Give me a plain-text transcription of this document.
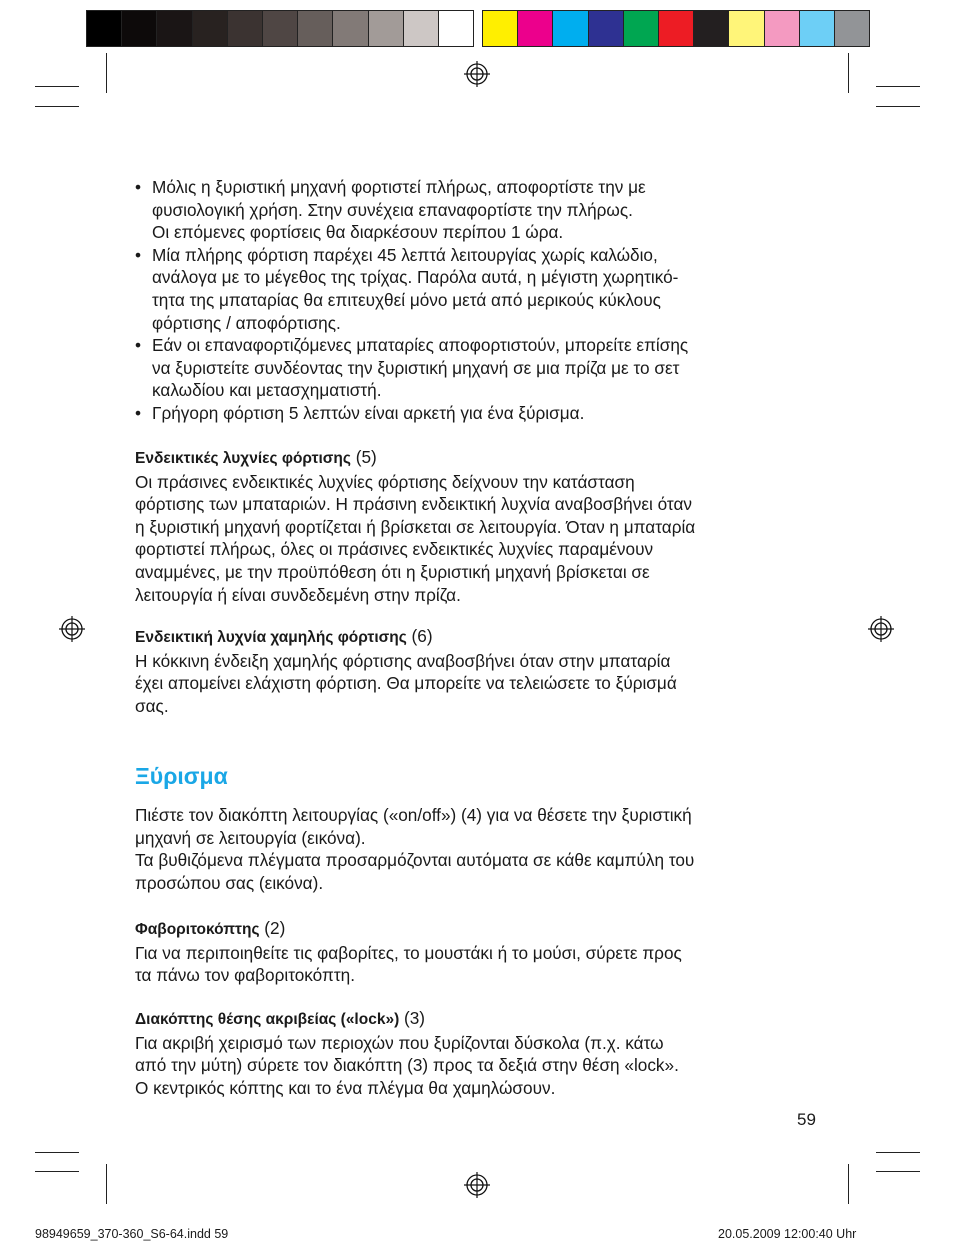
• Μόλις η ξυριστική μηχανή φορτιστεί πλήρως, αποφορτίστε την με
φυσιολογική χρήση. Στην συνέχεια επαναφορτίστε την πλήρως.
Οι επόμενες φορτίσεις θα διαρκέσουν περίπου 1 ώρα.
• Μία πλήρης φόρτιση παρέχει 45 λεπτά λειτουργίας χωρίς καλώδιο,
ανάλογα με το μέγεθος της τρίχας. Παρόλα αυτά, η μέγιστη χωρητικό-
τητα της μπαταρίας θα επιτευχθεί μόνο μετά από μερικούς κύκλους
φόρτισης / αποφόρτισης.
• Εάν οι επαναφορτιζόμενες μπαταρίες αποφορτιστούν, μπορείτε επίσης
να ξυριστείτε συνδέοντας την ξυριστική μηχανή σε μια πρίζα με το σετ
καλωδίου και μετασχηματιστή.
• Γρήγορη φόρτιση 5 λεπτών είναι αρκετή για ένα ξύρισμα.
Ενδεικτικές λυχνίες φόρτισης (5)
Οι πράσινες ενδεικτικές λυχνίες φόρτισης δείχνουν την κατάσταση
φόρτισης των μπαταριών. Η πράσινη ενδεικτική λυχνία αναβοσβήνει όταν
η ξυριστική μηχανή φορτίζεται ή βρίσκεται σε λειτουργία. Όταν η μπαταρία
φορτιστεί πλήρως, όλες οι πράσινες ενδεικτικές λυχνίες παραμένουν
αναμμένες, με την προϋπόθεση ότι η ξυριστική μηχανή βρίσκεται σε
λειτουργία ή είναι συνδεδεμένη στην πρίζα.
Ενδεικτική λυχνία χαμηλής φόρτισης (6)
Η κόκκινη ένδειξη χαμηλής φόρτισης αναβοσβήνει όταν στην μπαταρία
έχει απομείνει ελάχιστη φόρτιση. Θα μπορείτε να τελειώσετε το ξύρισμά
σας.
Ξύρισμα
Πιέστε τον διακόπτη λειτουργίας («on/off») (4) για να θέσετε την ξυριστική
μηχανή σε λειτουργία (εικόνα).
Τα βυθιζόμενα πλέγματα προσαρμόζονται αυτόματα σε κάθε καμπύλη του
προσώπου σας (εικόνα).
Φαβοριτοκόπτης (2)
Για να περιποιηθείτε τις φαβορίτες, το μουστάκι ή το μούσι, σύρετε προς
τα πάνω τον φαβοριτοκόπτη.
Διακόπτης θέσης ακριβείας («lock») (3)
Για ακριβή χειρισμό των περιοχών που ξυρίζονται δύσκολα (π.χ. κάτω
από την μύτη) σύρετε τον διακόπτη (3) προς τα δεξιά στην θέση «lock».
Ο κεντρικός κόπτης και το ένα πλέγμα θα χαμηλώσουν.
59
98949659_370-360_S6-64.indd 59	20.05.2009 12:00:40 Uhr
